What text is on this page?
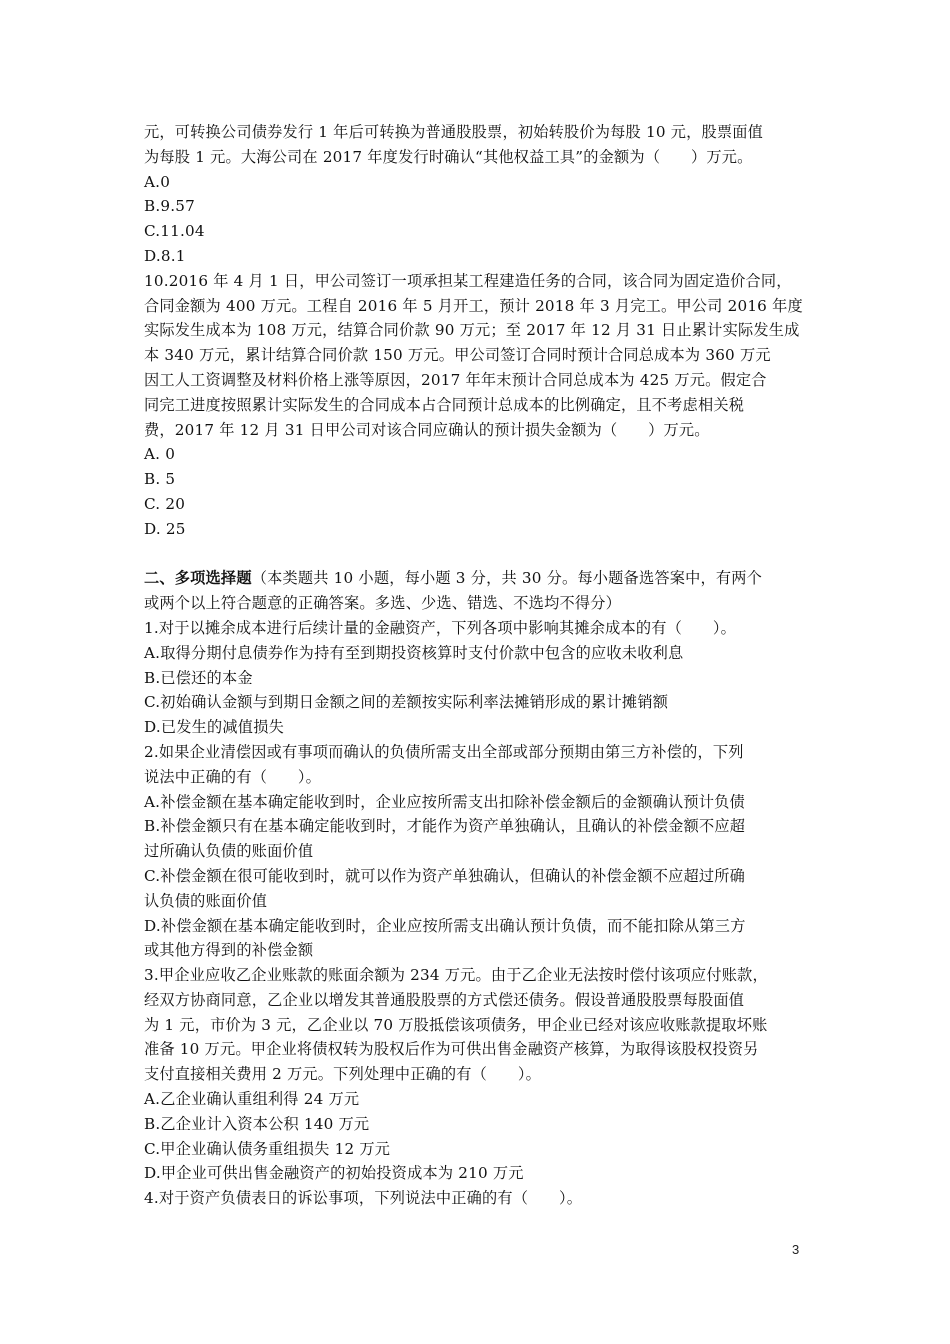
元，可转换公司债券发行 1 年后可转换为普通股股票，初始转股价为每股 10 元，股票面值
为每股 1 元。大海公司在 2017 年度发行时确认“其他权益工具”的金额为（　　）万元。
A.0
B.9.57
C.11.04
D.8.1
10.2016 年 4 月 1 日，甲公司签订一项承担某工程建造任务的合同，该合同为固定造价合同，
合同金额为 400 万元。工程自 2016 年 5 月开工，预计 2018 年 3 月完工。甲公司 2016 年度
实际发生成本为 108 万元，结算合同价款 90 万元；至 2017 年 12 月 31 日止累计实际发生成
本 340 万元，累计结算合同价款 150 万元。甲公司签订合同时预计合同总成本为 360 万元
因工人工资调整及材料价格上涨等原因，2017 年年末预计合同总成本为 425 万元。假定合
同完工进度按照累计实际发生的合同成本占合同预计总成本的比例确定，且不考虑相关税
费，2017 年 12 月 31 日甲公司对该合同应确认的预计损失金额为（　　）万元。
A. 0
B. 5
C. 20
D. 25
二、多项选择题（本类题共 10 小题，每小题 3 分，共 30 分。每小题备选答案中，有两个
或两个以上符合题意的正确答案。多选、少选、错选、不选均不得分）
1.对于以摊余成本进行后续计量的金融资产，下列各项中影响其摊余成本的有（　　）。
A.取得分期付息债券作为持有至到期投资核算时支付价款中包含的应收未收利息
B.已偿还的本金
C.初始确认金额与到期日金额之间的差额按实际利率法摊销形成的累计摊销额
D.已发生的减值损失
2.如果企业清偿因或有事项而确认的负债所需支出全部或部分预期由第三方补偿的，下列
说法中正确的有（　　）。
A.补偿金额在基本确定能收到时，企业应按所需支出扣除补偿金额后的金额确认预计负债
B.补偿金额只有在基本确定能收到时，才能作为资产单独确认，且确认的补偿金额不应超
过所确认负债的账面价值
C.补偿金额在很可能收到时，就可以作为资产单独确认，但确认的补偿金额不应超过所确
认负债的账面价值
D.补偿金额在基本确定能收到时，企业应按所需支出确认预计负债，而不能扣除从第三方
或其他方得到的补偿金额
3.甲企业应收乙企业账款的账面余额为 234 万元。由于乙企业无法按时偿付该项应付账款，
经双方协商同意，乙企业以增发其普通股股票的方式偿还债务。假设普通股股票每股面值
为 1 元，市价为 3 元，乙企业以 70 万股抵偿该项债务，甲企业已经对该应收账款提取坏账
准备 10 万元。甲企业将债权转为股权后作为可供出售金融资产核算，为取得该股权投资另
支付直接相关费用 2 万元。下列处理中正确的有（　　）。
A.乙企业确认重组利得 24 万元
B.乙企业计入资本公积 140 万元
C.甲企业确认债务重组损失 12 万元
D.甲企业可供出售金融资产的初始投资成本为 210 万元
4.对于资产负债表日的诉讼事项，下列说法中正确的有（　　）。
3
